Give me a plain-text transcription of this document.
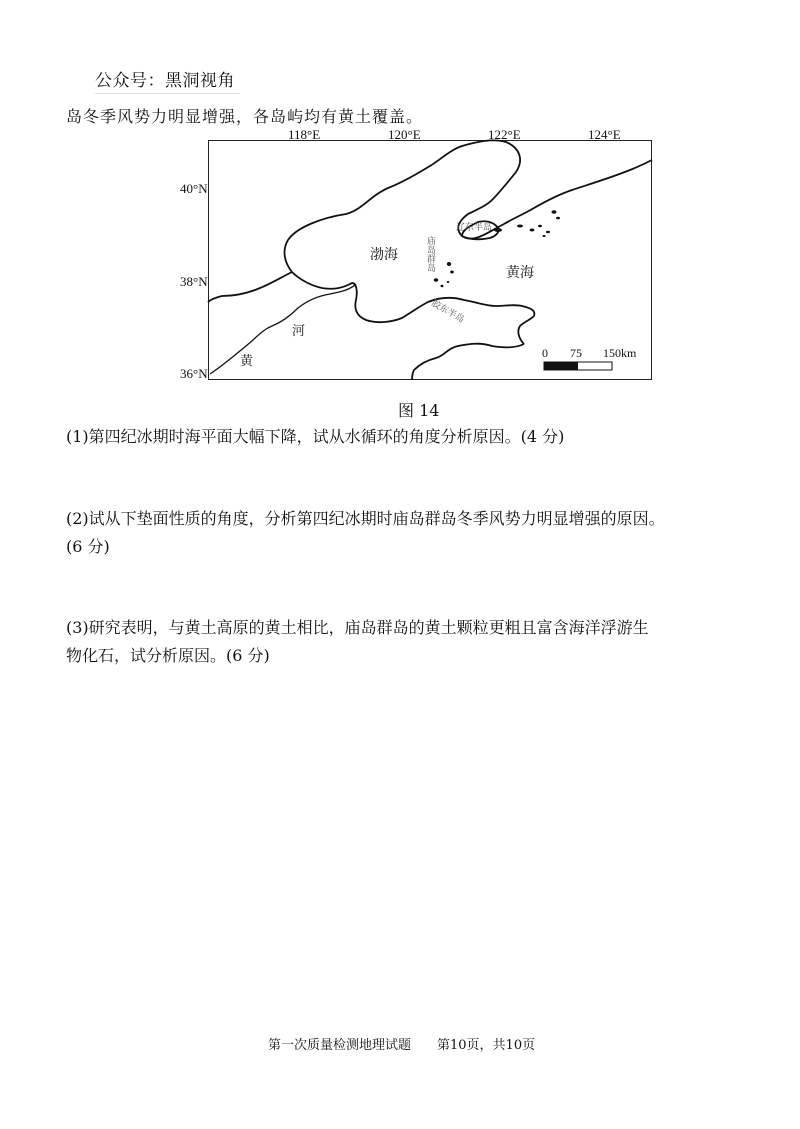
公众号：黑洞视角
岛冬季风势力明显增强，各岛屿均有黄土覆盖。
118°E	120°E	122°E	124°E
40°N
38°N
36°N
渤海
黄海
辽东半岛
胶东半岛
庙岛群岛
黄
河
0 75 150km
图 14
(1)第四纪冰期时海平面大幅下降，试从水循环的角度分析原因。(4 分)
(2)试从下垫面性质的角度，分析第四纪冰期时庙岛群岛冬季风势力明显增强的原因。
(6 分)
(3)研究表明，与黄土高原的黄土相比，庙岛群岛的黄土颗粒更粗且富含海洋浮游生
物化石，试分析原因。(6 分)
第一次质量检测地理试题 第10页，共10页
